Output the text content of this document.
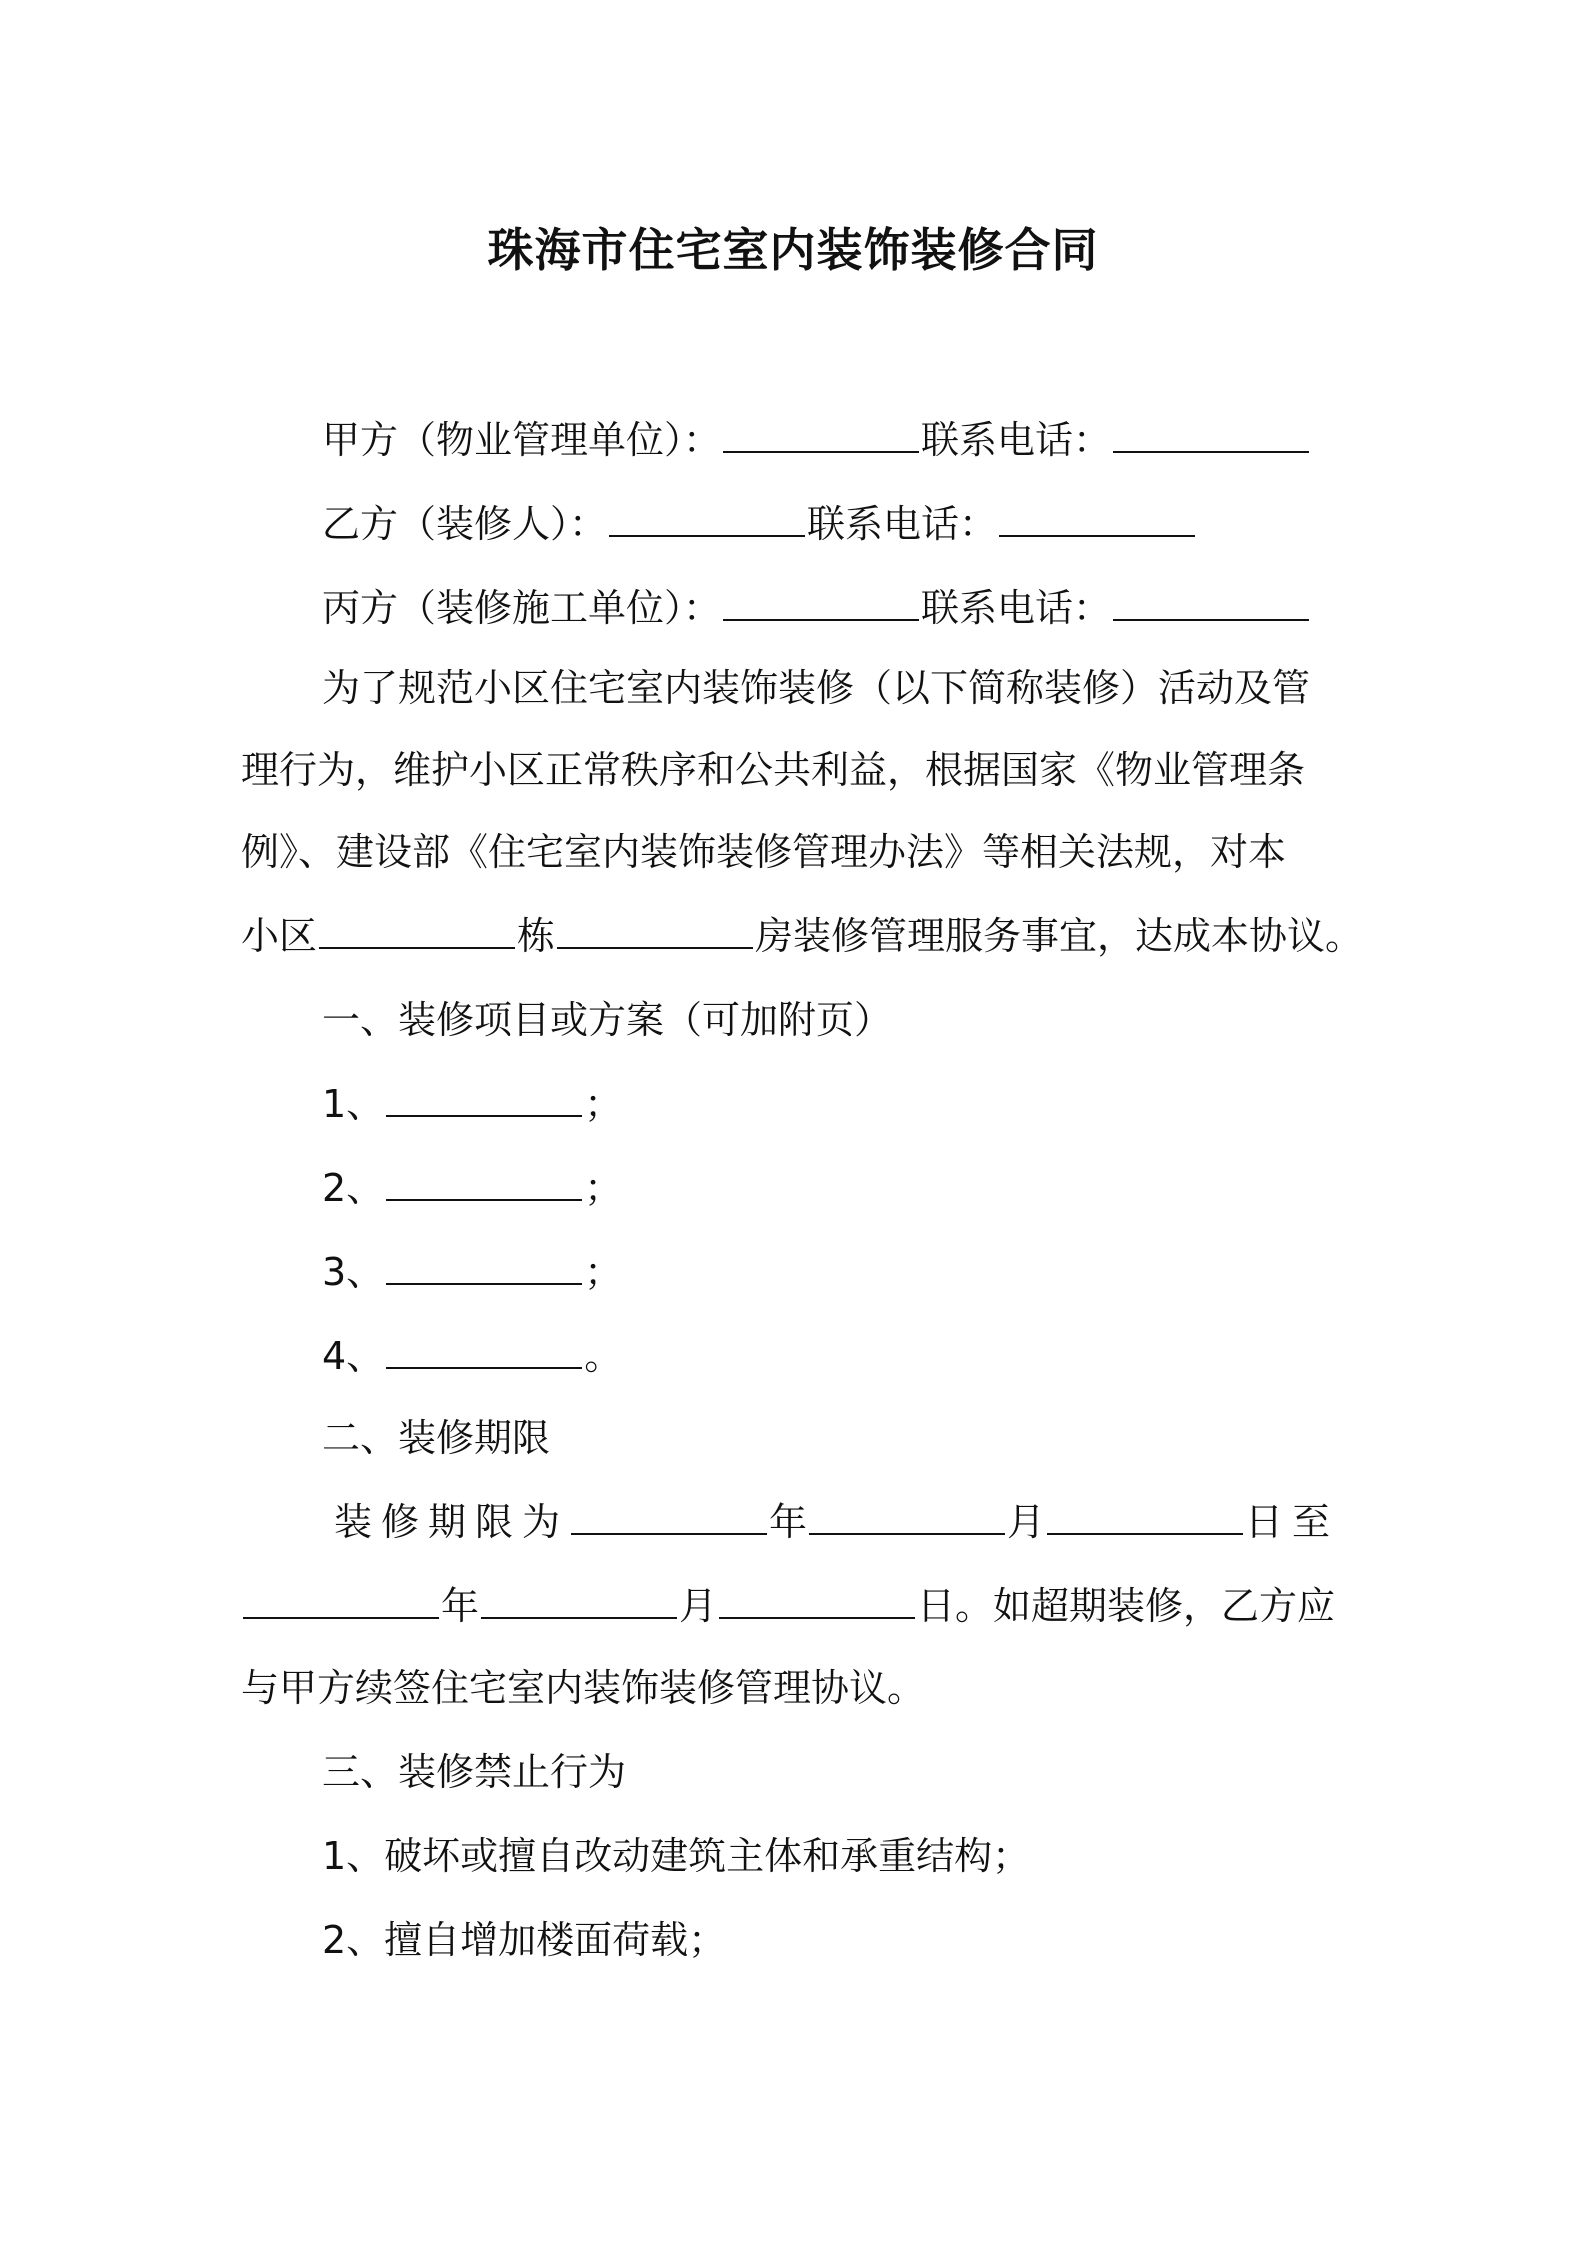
珠海市住宅室内装饰装修合同
甲方（物业管理单位）：	联系电话：
乙方（装修人）：	联系电话：
丙方（装修施工单位）：	联系电话：
为了规范小区住宅室内装饰装修（以下简称装修）活动及管
理行为，维护小区正常秩序和公共利益，根据国家《物业管理条
例》、建设部《住宅室内装饰装修管理办法》等相关法规，对本
小区	栋	房装修管理服务事宜，达成本协议。
一、装修项目或方案（可加附页）
1、	；
2、	；
3、	；
4、	。
二、装修期限
装修期限为	年	月	日至
年	月	日。如超期装修，乙方应
与甲方续签住宅室内装饰装修管理协议。
三、装修禁止行为
1、破坏或擅自改动建筑主体和承重结构；
2、擅自增加楼面荷载；
